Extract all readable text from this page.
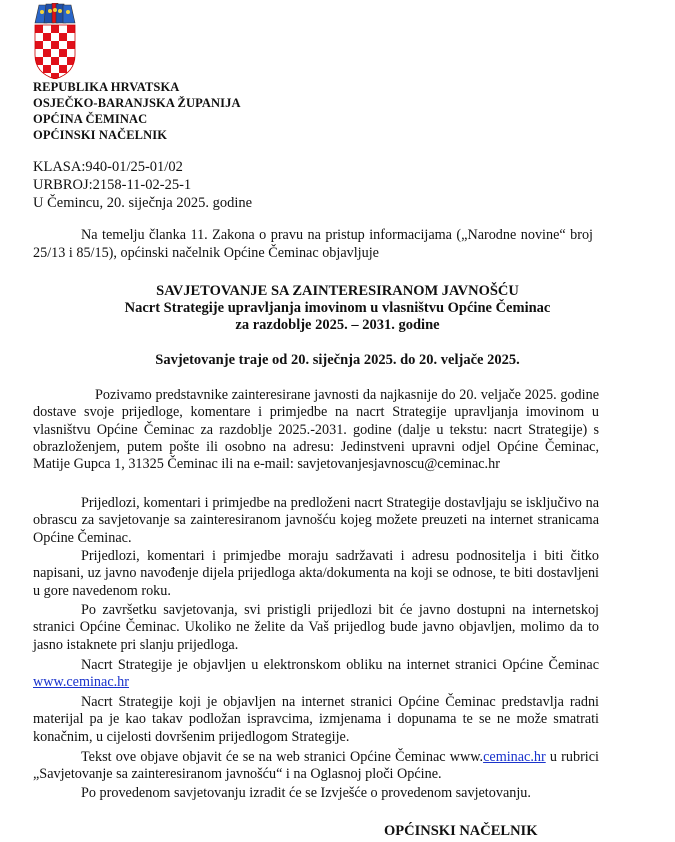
REPUBLIKA HRVATSKA
OSJEČKO-BARANJSKA ŽUPANIJA
OPĆINA ČEMINAC
OPĆINSKI NAČELNIK
KLASA:940-01/25-01/02
URBROJ:2158-11-02-25-1
U Čemincu, 20. siječnja 2025. godine

Na temelju članka 11. Zakona o pravu na pristup informacijama („Narodne novine“ broj 25/13 i 85/15), općinski načelnik Općine Čeminac objavljuje

SAVJETOVANJE SA ZAINTERESIRANOM JAVNOŠĆU
Nacrt Strategije upravljanja imovinom u vlasništvu Općine Čeminac
za razdoblje 2025. – 2031. godine
Savjetovanje traje od 20. siječnja 2025. do 20. veljače 2025.

Pozivamo predstavnike zainteresirane javnosti da najkasnije do 20. veljače 2025. godine dostave svoje prijedloge, komentare i primjedbe na nacrt Strategije upravljanja imovinom u vlasništvu Općine Čeminac za razdoblje 2025.-2031. godine (dalje u tekstu: nacrt Strategije) s obrazloženjem, putem pošte ili osobno na adresu: Jedinstveni upravni odjel Općine Čeminac, Matije Gupca 1, 31325 Čeminac ili na e-mail: savjetovanjesjavnoscu@ceminac.hr

Prijedlozi, komentari i primjedbe na predloženi nacrt Strategije dostavljaju se isključivo na obrascu za savjetovanje sa zainteresiranom javnošću kojeg možete preuzeti na internet stranicama Općine Čeminac.

Prijedlozi, komentari i primjedbe moraju sadržavati i adresu podnositelja i biti čitko napisani, uz javno navođenje dijela prijedloga akta/dokumenta na koji se odnose, te biti dostavljeni u gore navedenom roku.

Po završetku savjetovanja, svi pristigli prijedlozi bit će javno dostupni na internetskoj stranici Općine Čeminac. Ukoliko ne želite da Vaš prijedlog bude javno objavljen, molimo da to jasno istaknete pri slanju prijedloga.

Nacrt Strategije je objavljen u elektronskom obliku na internet stranici Općine Čeminac www.ceminac.hr

Nacrt Strategije koji je objavljen na internet stranici Općine Čeminac predstavlja radni materijal pa je kao takav podložan ispravcima, izmjenama i dopunama te se ne može smatrati konačnim, u cijelosti dovršenim prijedlogom Strategije.

Tekst ove objave objavit će se na web stranici Općine Čeminac www.ceminac.hr u rubrici „Savjetovanje sa zainteresiranom javnošću“ i na Oglasnoj ploči Općine.

Po provedenom savjetovanju izradit će se Izvješće o provedenom savjetovanju.

OPĆINSKI NAČELNIK
